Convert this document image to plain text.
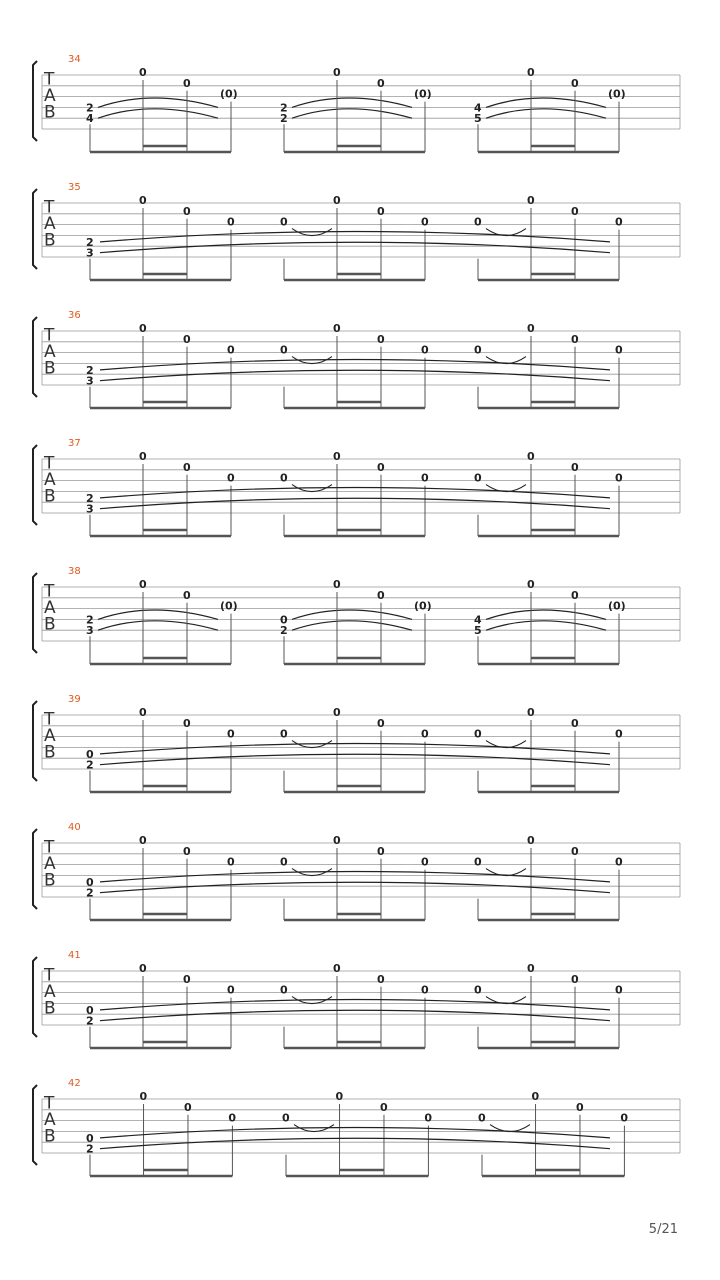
T
A
B
34
2
4
0
0
(0)
2
2
0
0
(0)
4
5
0
0
(0)
T
A
B
35
2
3
0
0
0
0
0
0
0
0
0
0
0
T
A
B
36
2
3
0
0
0
0
0
0
0
0
0
0
0
T
A
B
37
2
3
0
0
0
0
0
0
0
0
0
0
0
T
A
B
38
2
3
0
0
(0)
0
2
0
0
(0)
4
5
0
0
(0)
T
A
B
39
0
2
0
0
0
0
0
0
0
0
0
0
0
T
A
B
40
0
2
0
0
0
0
0
0
0
0
0
0
0
T
A
B
41
0
2
0
0
0
0
0
0
0
0
0
0
0
T
A
B
42
0
2
0
0
0
0
0
0
0
0
0
0
0
5/21
